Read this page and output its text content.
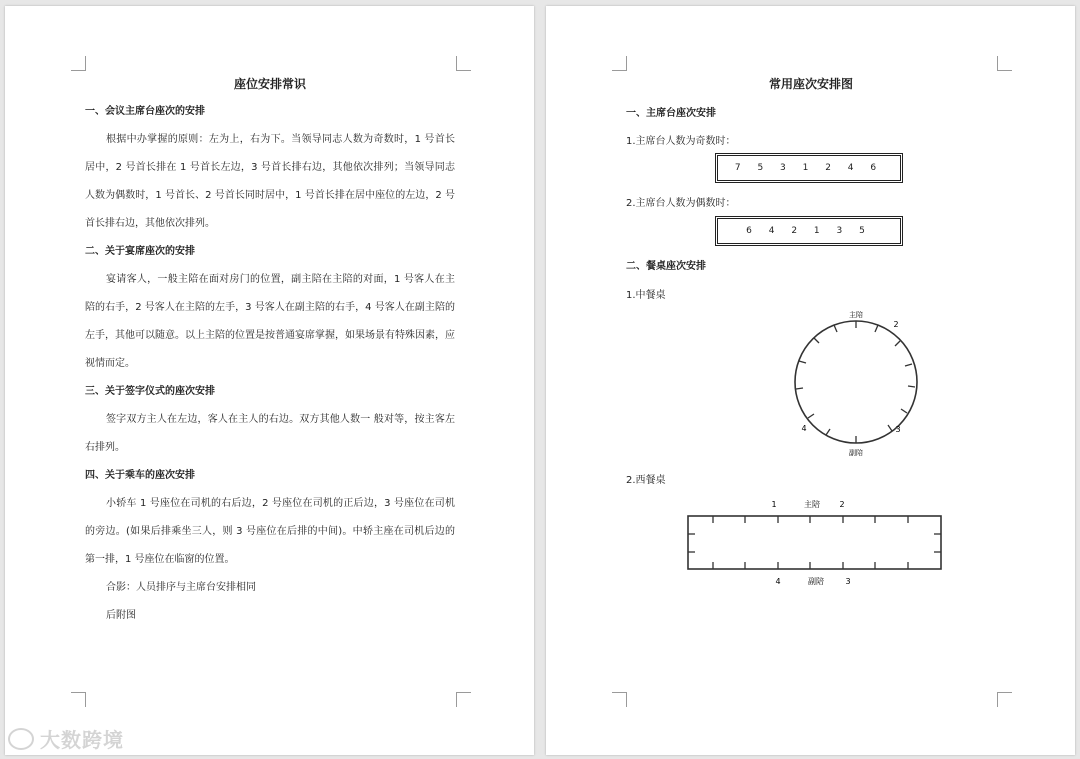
座位安排常识

一、会议主席台座次的安排

根据中办掌握的原则：左为上，右为下。当领导同志人数为奇数时，1 号首长居中，2 号首长排在 1 号首长左边，3 号首长排右边，其他依次排列；当领导同志人数为偶数时，1 号首长、2 号首长同时居中，1 号首长排在居中座位的左边，2 号首长排右边，其他依次排列。

二、关于宴席座次的安排

宴请客人，一般主陪在面对房门的位置，副主陪在主陪的对面，1 号客人在主陪的右手，2 号客人在主陪的左手，3 号客人在副主陪的右手，4 号客人在副主陪的左手，其他可以随意。以上主陪的位置是按普通宴席掌握，如果场景有特殊因素，应视情而定。

三、关于签字仪式的座次安排

签字双方主人在左边，客人在主人的右边。双方其他人数一 般对等，按主客左右排列。

四、关于乘车的座次安排

小轿车 1 号座位在司机的右后边，2 号座位在司机的正后边，3 号座位在司机的旁边。(如果后排乘坐三人，则 3 号座位在后排的中间)。中轿主座在司机后边的第一排，1 号座位在临窗的位置。

合影：人员排序与主席台安排相同

后附图

常用座次安排图
一、主席台座次安排
1.主席台人数为奇数时：
7 5 3 1 2 4 6
2.主席台人数为偶数时：
6 4 2 1 3 5
二、餐桌座次安排
1.中餐桌
主陪
2
4	3
副陪
2.西餐桌
1	主陪 2
4	副陪	3
大数跨境
